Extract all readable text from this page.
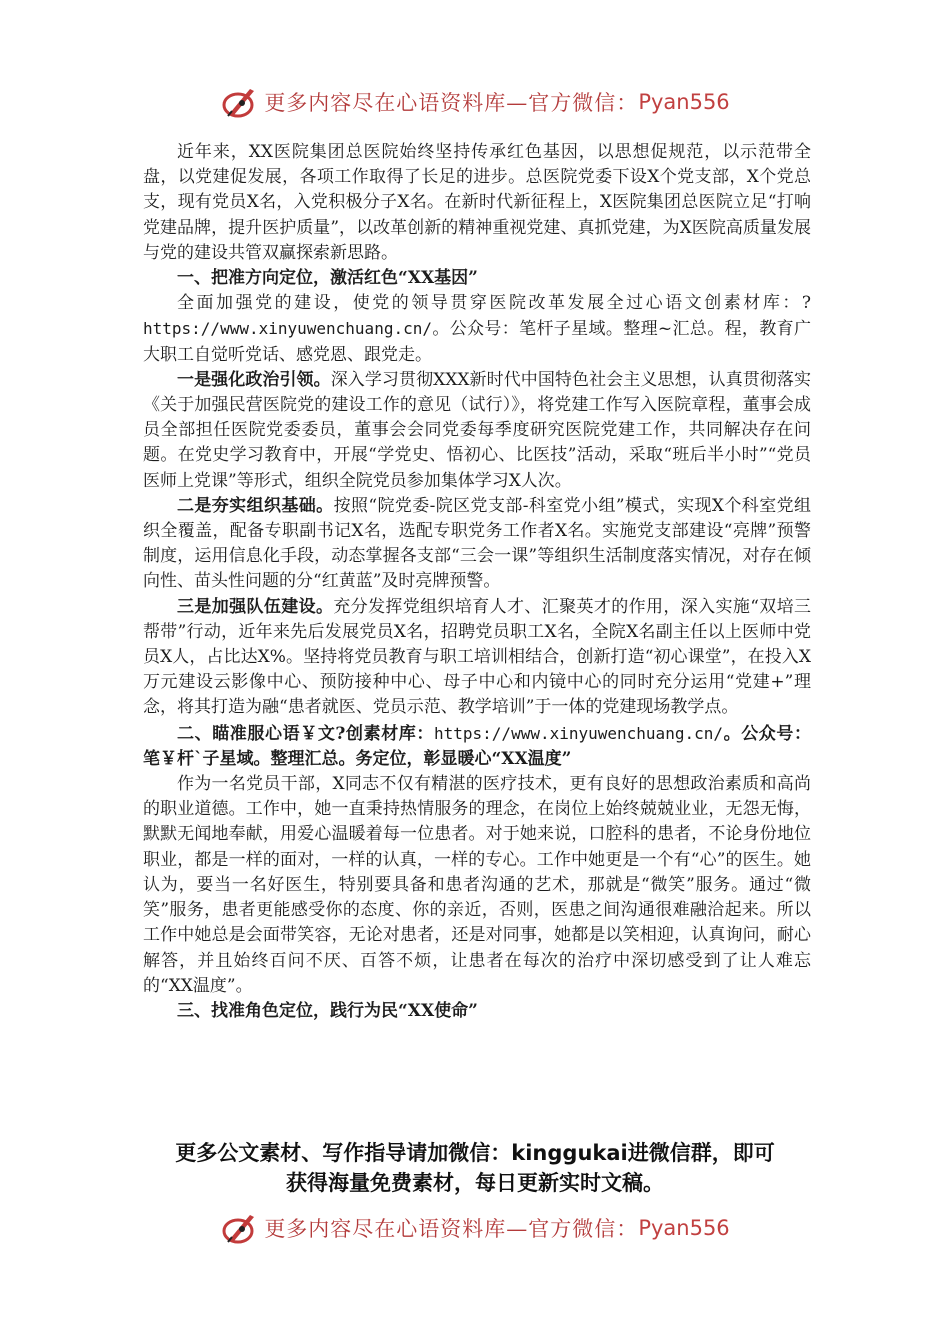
更多内容尽在心语资料库—官方微信： Pyan556

近年来，XX医院集团总医院始终坚持传承红色基因，以思想促规范，以示范带全盘，以党建促发展，各项工作取得了长足的进步。总医院党委下设X个党支部，X个党总支，现有党员X名，入党积极分子X名。在新时代新征程上，X医院集团总医院立足“打响党建品牌，提升医护质量”，以改革创新的精神重视党建、真抓党建，为X医院高质量发展与党的建设共管双赢探索新思路。

一、把准方向定位，激活红色“XX基因”

全面加强党的建设，使党的领导贯穿医院改革发展全过心语文创素材库：?https://www.xinyuwenchuang.cn/。公众号：笔杆子星域。整理~汇总。程，教育广大职工自觉听党话、感党恩、跟党走。

一是强化政治引领。深入学习贯彻XXX新时代中国特色社会主义思想，认真贯彻落实《关于加强民营医院党的建设工作的意见（试行）》，将党建工作写入医院章程，董事会成员全部担任医院党委委员，董事会会同党委每季度研究医院党建工作，共同解决存在问题。在党史学习教育中，开展“学党史、悟初心、比医技”活动，采取“班后半小时”“党员医师上党课”等形式，组织全院党员参加集体学习X人次。

二是夯实组织基础。按照“院党委-院区党支部-科室党小组”模式，实现X个科室党组织全覆盖，配备专职副书记X名，选配专职党务工作者X名。实施党支部建设“亮牌”预警制度，运用信息化手段，动态掌握各支部“三会一课”等组织生活制度落实情况，对存在倾向性、苗头性问题的分“红黄蓝”及时亮牌预警。

三是加强队伍建设。充分发挥党组织培育人才、汇聚英才的作用，深入实施“双培三帮带”行动，近年来先后发展党员X名，招聘党员职工X名，全院X名副主任以上医师中党员X人，占比达X%。坚持将党员教育与职工培训相结合，创新打造“初心课堂”，在投入X万元建设云影像中心、预防接种中心、母子中心和内镜中心的同时充分运用“党建+”理念，将其打造为融“患者就医、党员示范、教学培训”于一体的党建现场教学点。

二、瞄准服心语￥文?创素材库：https://www.xinyuwenchuang.cn/。公众号：笔￥杆`子星域。整理汇总。务定位，彰显暖心“XX温度”

作为一名党员干部，X同志不仅有精湛的医疗技术，更有良好的思想政治素质和高尚的职业道德。工作中，她一直秉持热情服务的理念，在岗位上始终兢兢业业，无怨无悔，默默无闻地奉献，用爱心温暖着每一位患者。对于她来说，口腔科的患者，不论身份地位职业，都是一样的面对，一样的认真，一样的专心。工作中她更是一个有“心”的医生。她认为，要当一名好医生，特别要具备和患者沟通的艺术，那就是“微笑”服务。通过“微笑”服务，患者更能感受你的态度、你的亲近，否则，医患之间沟通很难融洽起来。所以工作中她总是会面带笑容，无论对患者，还是对同事，她都是以笑相迎，认真询问，耐心解答，并且始终百问不厌、百答不烦，让患者在每次的治疗中深切感受到了让人难忘的“XX温度”。

三、找准角色定位，践行为民“XX使命”

更多公文素材、写作指导请加微信：kinggukai进微信群，即可
获得海量免费素材，每日更新实时文稿。
更多内容尽在心语资料库—官方微信： Pyan556
